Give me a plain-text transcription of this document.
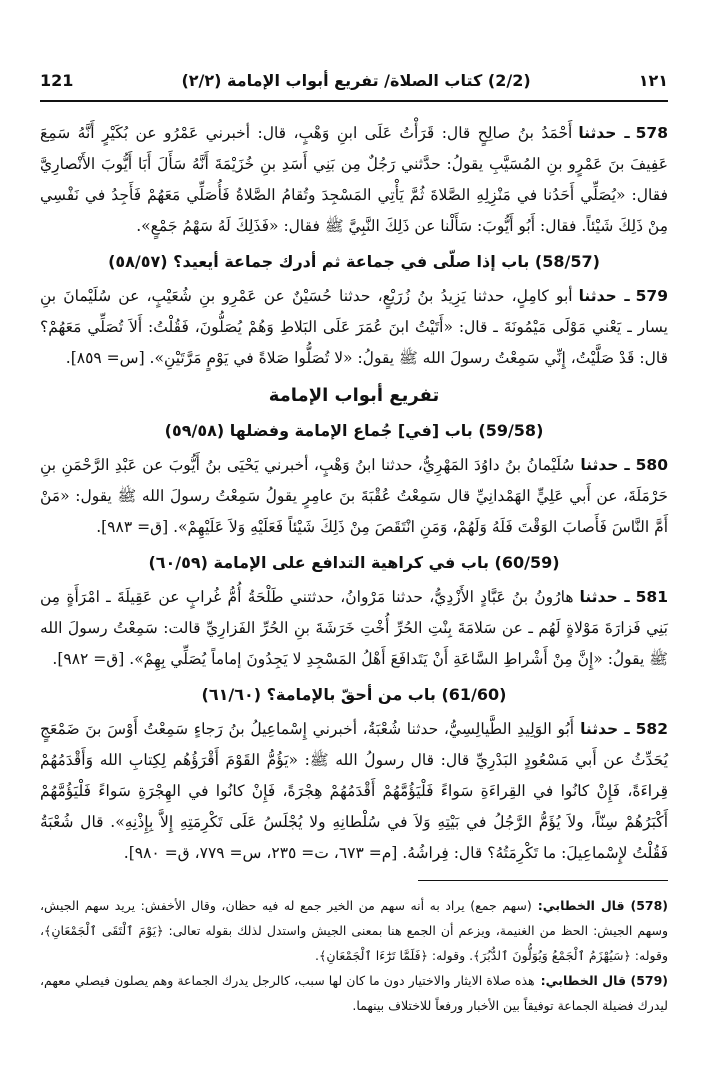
121	(2/2) كتاب الصلاة/ تفريع أبواب الإمامة (٢/٢)	١٢١

578ـ حدثناأَحْمَدُ بنُ صالِحٍ قال: قَرَأْتُ عَلَى ابنِ وَهْبٍ، قال: أخبرني عَمْرُو عن بُكَيْرٍ أَنَّهُ سَمِعَ عَفِيفَ بنَ عَمْرٍو بنِ المُسَيَّبِ يقولُ: حدَّثني رَجُلٌ مِن بَنِي أَسَدِ بنِ خُزَيْمَةَ أَنَّهُ سَأَلَ أَبَا أَيُّوبَ الأَنْصارِيَّ فقال: «يُصَلِّي أَحَدُنا في مَنْزِلِهِ الصَّلاةَ ثُمَّ يَأْتِي المَسْجِدَ وتُقامُ الصَّلاةُ فَأُصَلِّي مَعَهُمْ فَأَجِدُ في نَفْسِي مِنْ ذَلِكَ شَيْئاً. فقال: أَبُو أَيُّوبَ: سَأَلْنا عن ذَلِكَ النَّبِيَّ ﷺ فقال: «فَذَلِكَ لَهُ سَهْمُ جَمْعٍ».

(58/57) باب إذا صلّى في جماعة ثم أدرك جماعة أيعيد؟ (٥٨/٥٧)

579ـ حدثناأبو كامِلٍ، حدثنا يَزِيدُ بنُ زُرَيْعٍ، حدثنا حُسَيْنٌ عن عَمْرِو بنِ شُعَيْبٍ، عن سُلَيْمانَ بنِ يسار ـ يَعْني مَوْلَى مَيْمُونَةَ ـ قال: «أَتَيْتُ ابنَ عُمَرَ عَلَى البَلاطِ وَهُمْ يُصَلُّونَ، فَقُلْتُ: أَلاَ تُصَلِّي مَعَهُمْ؟ قال: قَدْ صَلَّيْتُ، إِنِّي سَمِعْتُ رسولَ الله ﷺ يقولُ: «لا تُصَلُّوا صَلاةً في يَوْمٍ مَرَّتَيْنِ». [س= ٨٥٩].

تفريع أبواب الإمامة
(59/58) باب [في] جُماع الإمامة وفضلها (٥٩/٥٨)

580ـ حدثناسُلَيْمانُ بنُ داوُدَ المَهْرِيُّ، حدثنا ابنُ وَهْبٍ، أخبرني يَحْيَى بنُ أَيُّوبَ عن عَبْدِ الرَّحْمَنِ بنِ حَرْمَلَةَ، عن أَبي عَلِيٍّ الهَمْدانِيِّ قال سَمِعْتُ عُقْبَةَ بنَ عامِرٍ يقولُ سَمِعْتُ رسولَ الله ﷺ يقول: «مَنْ أَمَّ النَّاسَ فَأَصابَ الوَقْتَ فَلَهُ وَلَهُمْ، وَمَنِ انْتَقَصَ مِنْ ذَلِكَ شَيْئاً فَعَلَيْهِ وَلاَ عَلَيْهِمْ». [ق= ٩٨٣].

(60/59) باب في كراهية التدافع على الإمامة (٦٠/٥٩)

581ـ حدثناهارُونُ بنُ عَبَّادٍ الأَزْدِيُّ، حدثنا مَرْوانُ، حدثتني طَلْحَةُ أُمُّ غُرابٍ عن عَقِيلَةَ ـ امْرَأَةٍ مِن بَنِي فَزارَةَ مَوْلاةٍ لَهُم ـ عن سَلامَةَ بِنْتِ الحُرِّ أُخْتِ خَرَشَةَ بنِ الحُرِّ الفَزارِيِّ قالت: سَمِعْتُ رسولَ الله ﷺ يقولُ: «إِنَّ مِنْ أَشْراطِ السَّاعَةِ أَنْ يَتَدافَعَ أَهْلُ المَسْجِدِ لا يَجِدُونَ إماماً يُصَلِّي بِهِمْ». [ق= ٩٨٢].

(61/60) باب من أحقّ بالإمامة؟ (٦١/٦٠)

582ـ حدثناأَبُو الوَلِيدِ الطَّيالِسِيُّ، حدثنا شُعْبَةُ، أخبرني إِسْماعِيلُ بنُ رَجاءٍ سَمِعْتُ أَوْسَ بنَ ضَمْعَجٍ يُحَدِّثُ عن أَبي مَسْعُودٍ البَدْرِيِّ قال: قال رسولُ الله ﷺ: «يَؤُمُّ القَوْمَ أَقْرَؤُهُم لِكِتابِ الله وَأَقْدَمُهُمْ قِراءَةً، فَإِنْ كانُوا في القِراءَةِ سَواءً فَلْيَؤُمَّهُمْ أَقْدَمُهُمْ هِجْرَةً، فَإِنْ كانُوا في الهِجْرَةِ سَواءً فَلْيَؤُمَّهُمْ أَكْبَرُهُمْ سِنّاً، ولاَ يُؤَمُّ الرَّجُلُ في بَيْتِهِ وَلاَ في سُلْطانِهِ ولا يُجْلَسُ عَلَى تَكْرِمَتِهِ إِلاَّ بِإِذْنِهِ». قال شُعْبَةُ فَقُلْتُ لإِسْماعِيلَ: ما تَكْرِمَتُهُ؟ قال: فِراشُهُ. [م= ٦٧٣، ت= ٢٣٥، س= ٧٧٩، ق= ٩٨٠].

(578) قال الخطابي:(سهم جمع) يراد به أنه سهم من الخير جمع له فيه حظان، وقال الأخفش: يريد سهم الجيش، وسهم الجيش: الحظ من الغنيمة، ويزعم أن الجمع هنا بمعنى الجيش واستدل لذلك بقوله تعالى: ﴿يَوْمَ ٱلْتَقَى ٱلْجَمْعَانِ﴾، وقوله: ﴿سَيُهْزَمُ ٱلْجَمْعُ وَيُوَلُّونَ ٱلدُّبُرَ﴾. وقوله: ﴿فَلَمَّا تَرَٰٓءَا ٱلْجَمْعَانِ﴾.

(579) قال الخطابي:هذه صلاة الايثار والاختيار دون ما كان لها سبب، كالرجل يدرك الجماعة وهم يصلون فيصلي معهم، ليدرك فضيلة الجماعة توفيقاً بين الأخبار ورفعاً للاختلاف بينهما.
